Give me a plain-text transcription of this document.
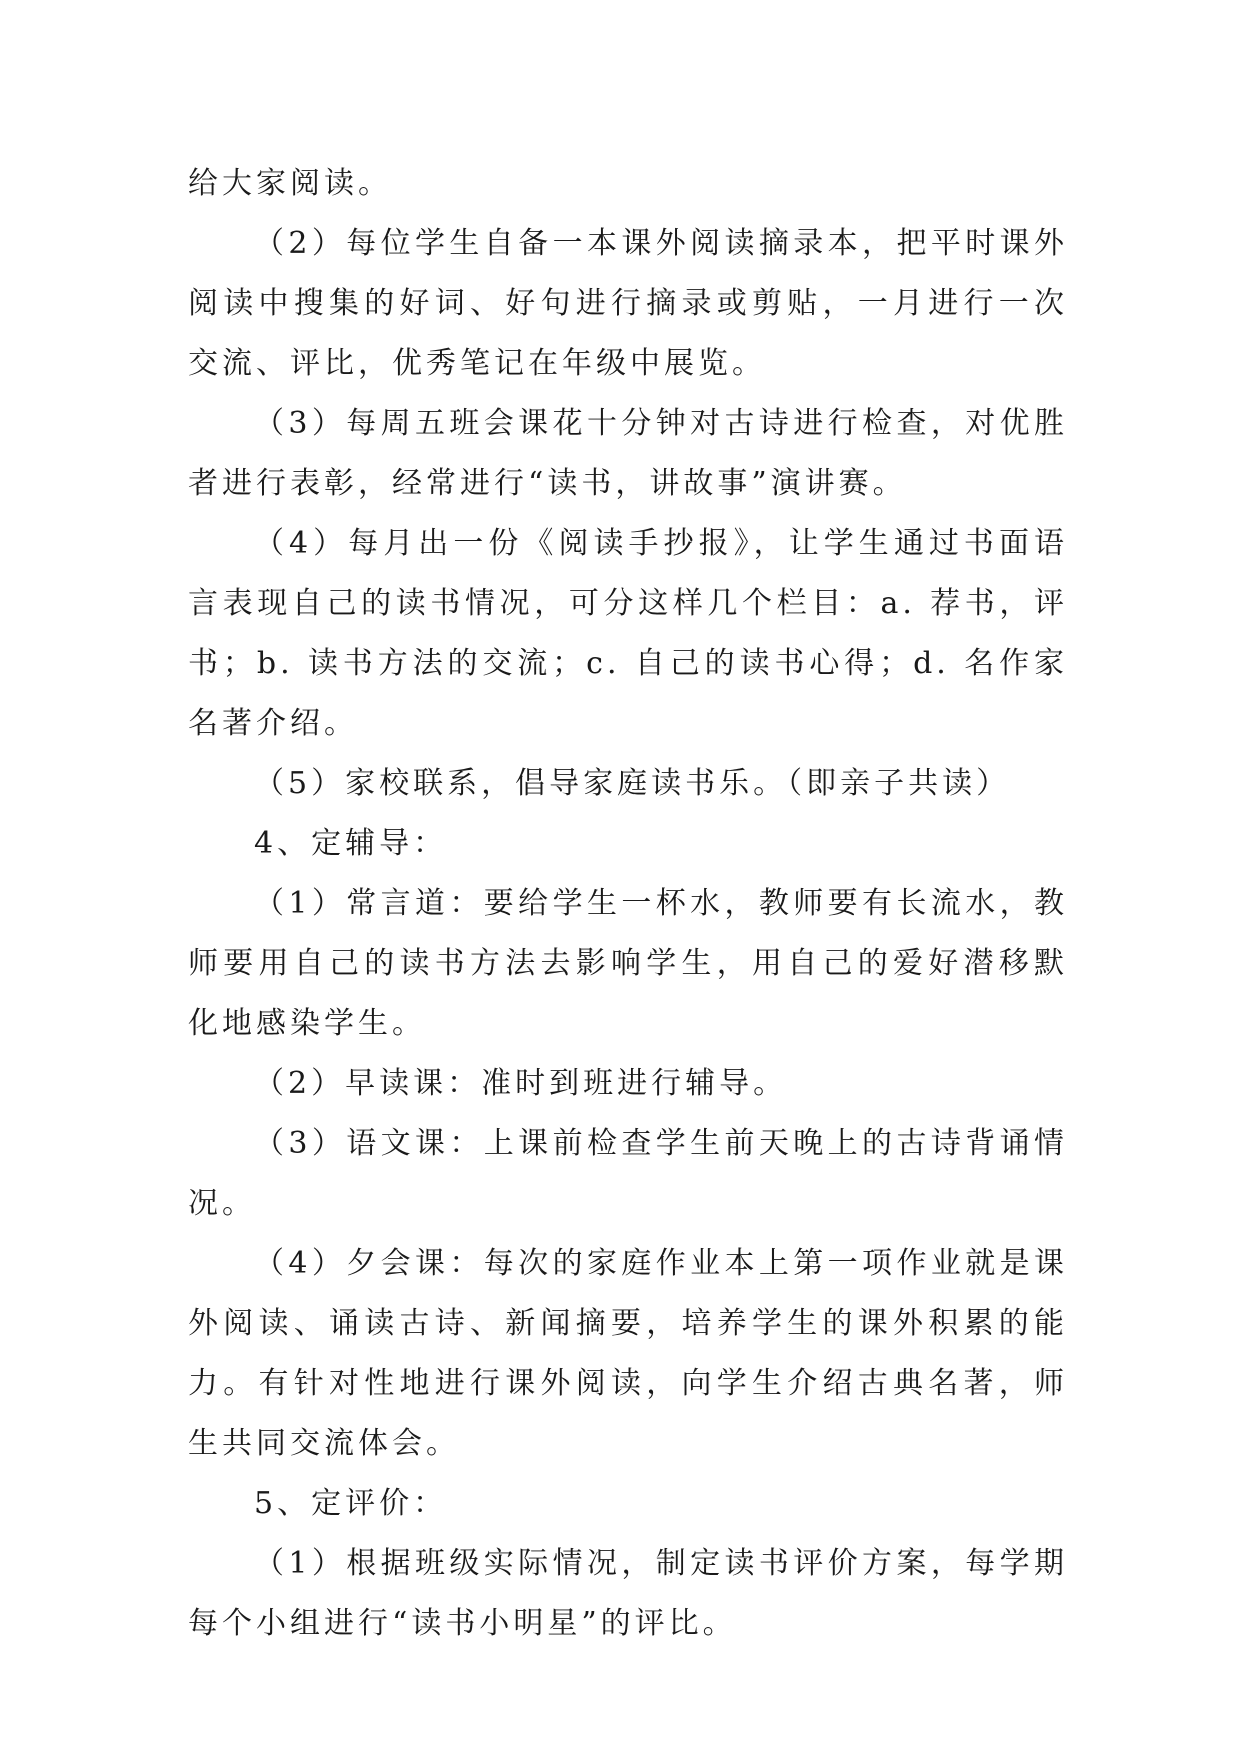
给大家阅读。

（2）每位学生自备一本课外阅读摘录本，把平时课外阅读中搜集的好词、好句进行摘录或剪贴，一月进行一次交流、评比，优秀笔记在年级中展览。

（3）每周五班会课花十分钟对古诗进行检查，对优胜者进行表彰，经常进行“读书，讲故事”演讲赛。

（4）每月出一份《阅读手抄报》，让学生通过书面语言表现自己的读书情况，可分这样几个栏目：a. 荐书，评书；b. 读书方法的交流；c. 自己的读书心得；d. 名作家名著介绍。

（5）家校联系，倡导家庭读书乐。（即亲子共读）

4、定辅导：

（1）常言道：要给学生一杯水，教师要有长流水，教师要用自己的读书方法去影响学生，用自己的爱好潜移默化地感染学生。

（2）早读课：准时到班进行辅导。

（3）语文课：上课前检查学生前天晚上的古诗背诵情况。

（4）夕会课：每次的家庭作业本上第一项作业就是课外阅读、诵读古诗、新闻摘要，培养学生的课外积累的能力。有针对性地进行课外阅读，向学生介绍古典名著，师生共同交流体会。

5、定评价：

（1）根据班级实际情况，制定读书评价方案，每学期每个小组进行“读书小明星”的评比。
